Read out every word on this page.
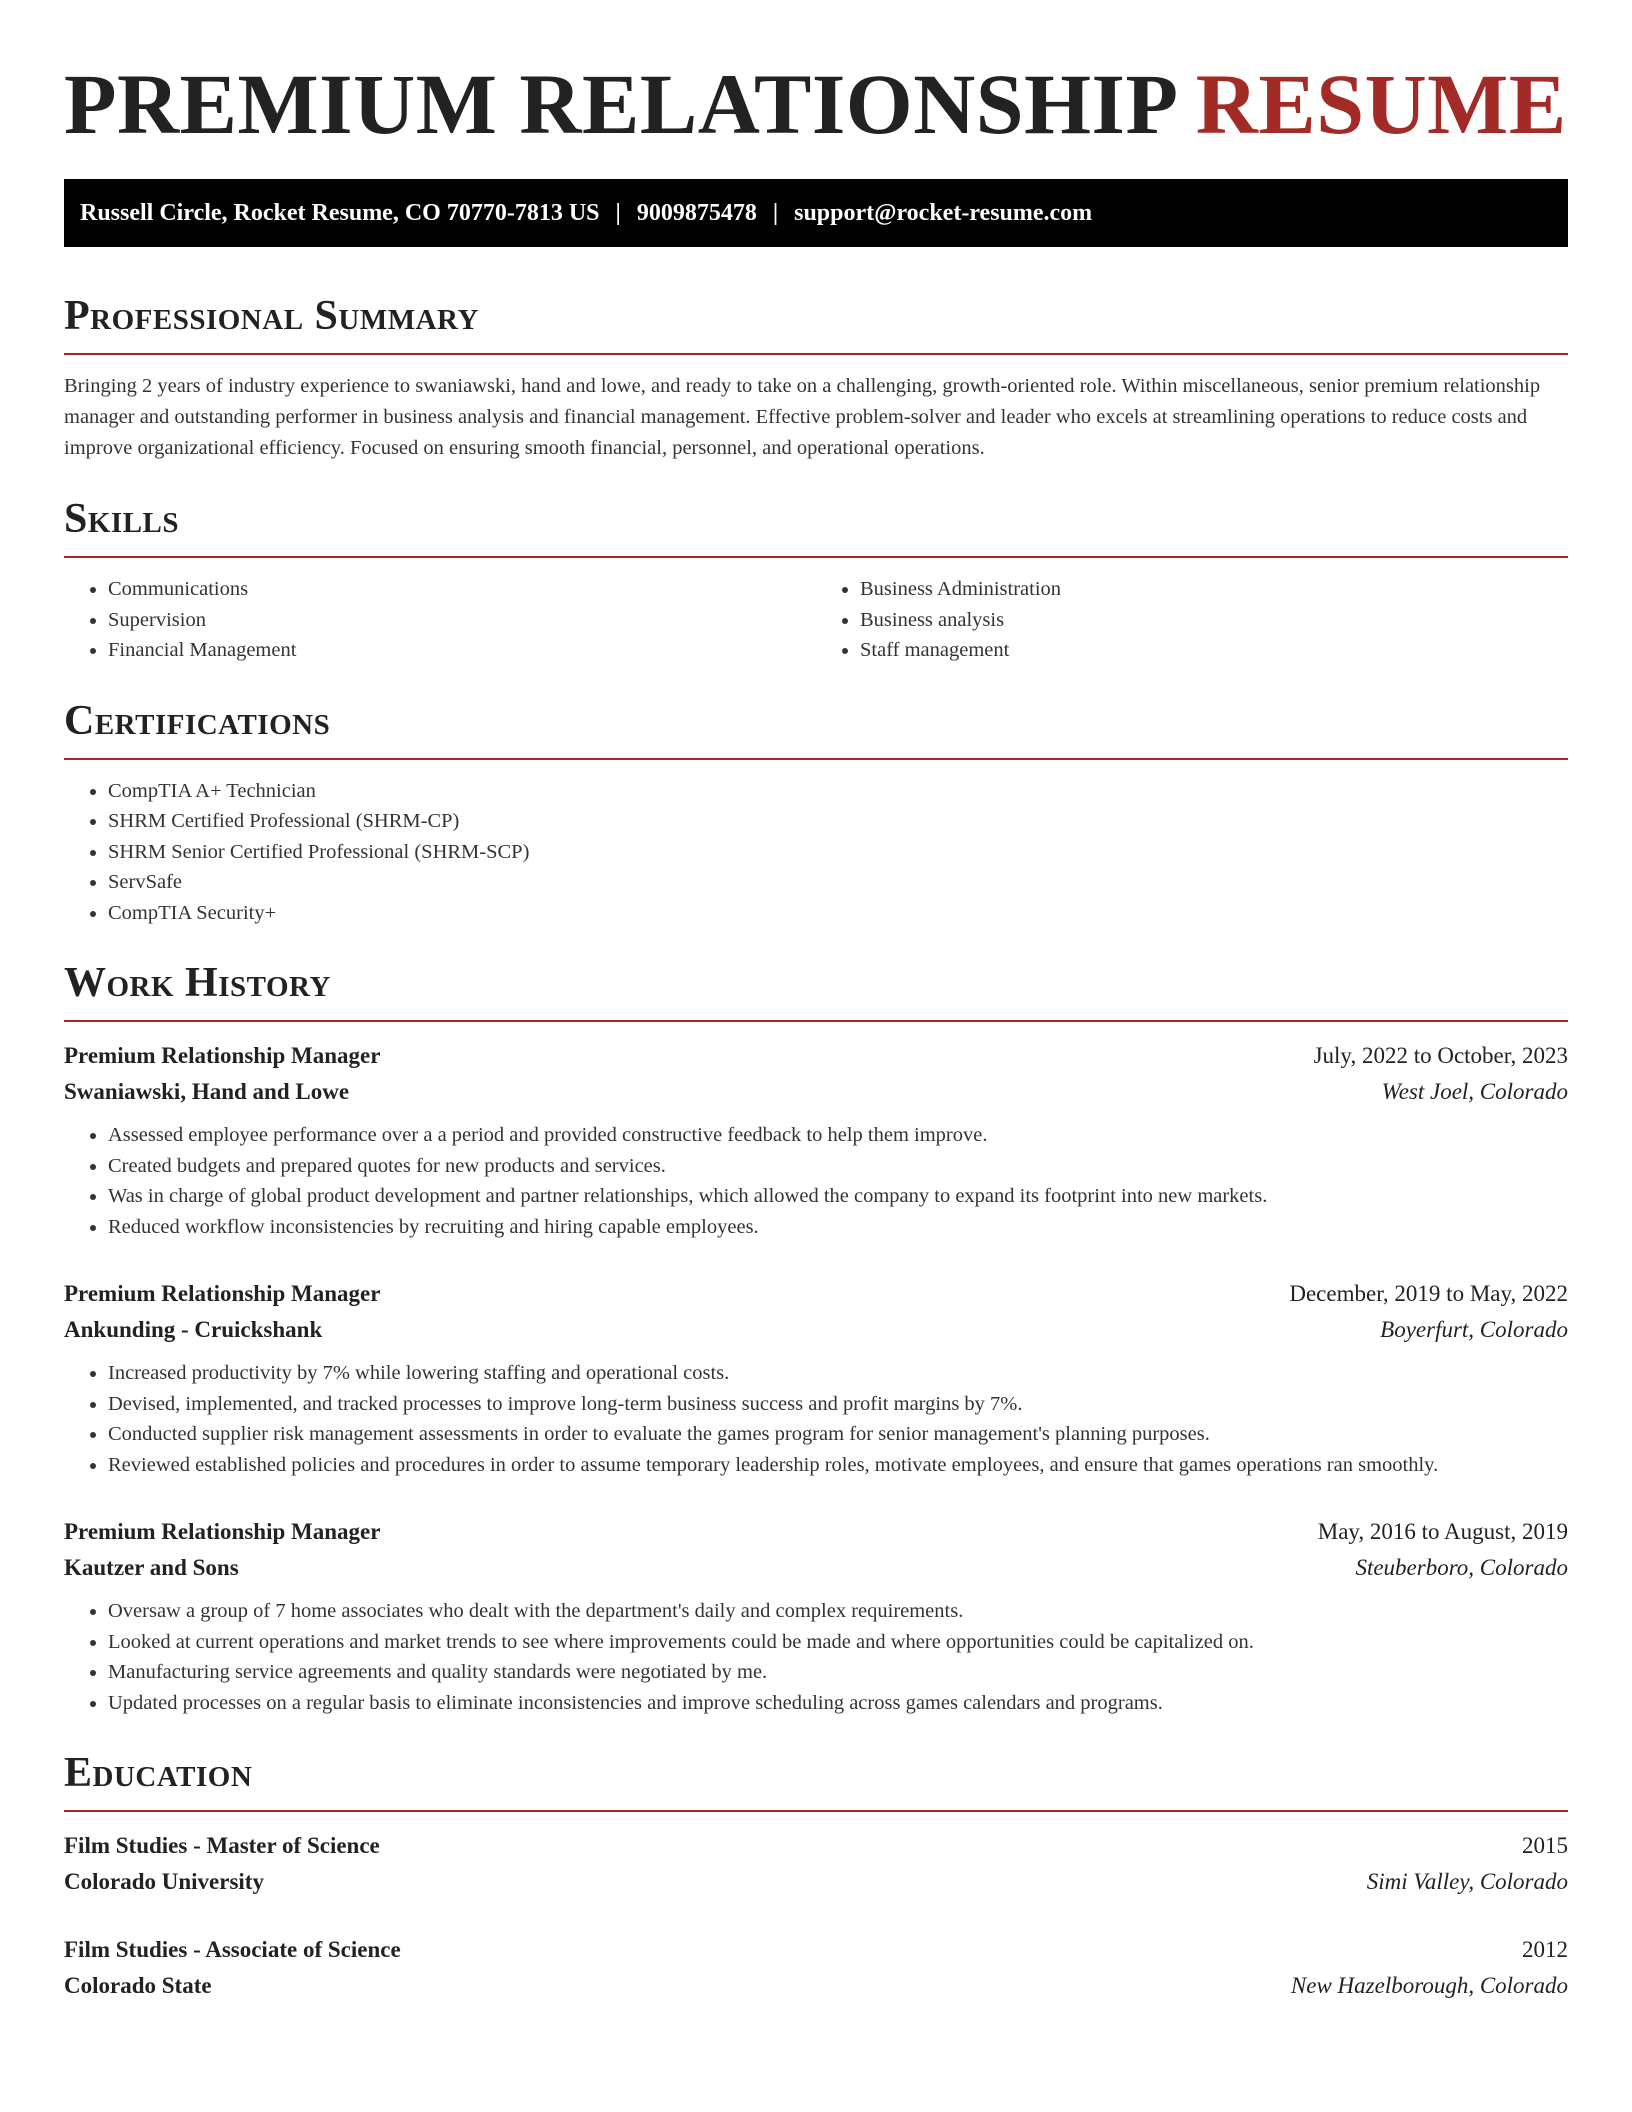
PREMIUM RELATIONSHIP RESUME
Russell Circle, Rocket Resume, CO 70770-7813 US | 9009875478 | support@rocket-resume.com
Professional Summary

Bringing 2 years of industry experience to swaniawski, hand and lowe, and ready to take on a challenging, growth-oriented role. Within miscellaneous, senior premium relationship manager and outstanding performer in business analysis and financial management. Effective problem-solver and leader who excels at streamlining operations to reduce costs and improve organizational efficiency. Focused on ensuring smooth financial, personnel, and operational operations.

Skills
• Communications
• Supervision
• Financial Management
• Business Administration
• Business analysis
• Staff management
Certifications
• CompTIA A+ Technician
• SHRM Certified Professional (SHRM-CP)
• SHRM Senior Certified Professional (SHRM-SCP)
• ServSafe
• CompTIA Security+
Work History
Premium Relationship Manager	July, 2022 to October, 2023
Swaniawski, Hand and Lowe	West Joel, Colorado
• Assessed employee performance over a a period and provided constructive feedback to help them improve.
• Created budgets and prepared quotes for new products and services.
• Was in charge of global product development and partner relationships, which allowed the company to expand its footprint into new markets.
• Reduced workflow inconsistencies by recruiting and hiring capable employees.
Premium Relationship Manager	December, 2019 to May, 2022
Ankunding - Cruickshank	Boyerfurt, Colorado
• Increased productivity by 7% while lowering staffing and operational costs.
• Devised, implemented, and tracked processes to improve long-term business success and profit margins by 7%.
• Conducted supplier risk management assessments in order to evaluate the games program for senior management's planning purposes.
• Reviewed established policies and procedures in order to assume temporary leadership roles, motivate employees, and ensure that games operations ran smoothly.
Premium Relationship Manager	May, 2016 to August, 2019
Kautzer and Sons	Steuberboro, Colorado
• Oversaw a group of 7 home associates who dealt with the department's daily and complex requirements.
• Looked at current operations and market trends to see where improvements could be made and where opportunities could be capitalized on.
• Manufacturing service agreements and quality standards were negotiated by me.
• Updated processes on a regular basis to eliminate inconsistencies and improve scheduling across games calendars and programs.
Education
Film Studies - Master of Science	2015
Colorado University	Simi Valley, Colorado
Film Studies - Associate of Science	2012
Colorado State	New Hazelborough, Colorado
